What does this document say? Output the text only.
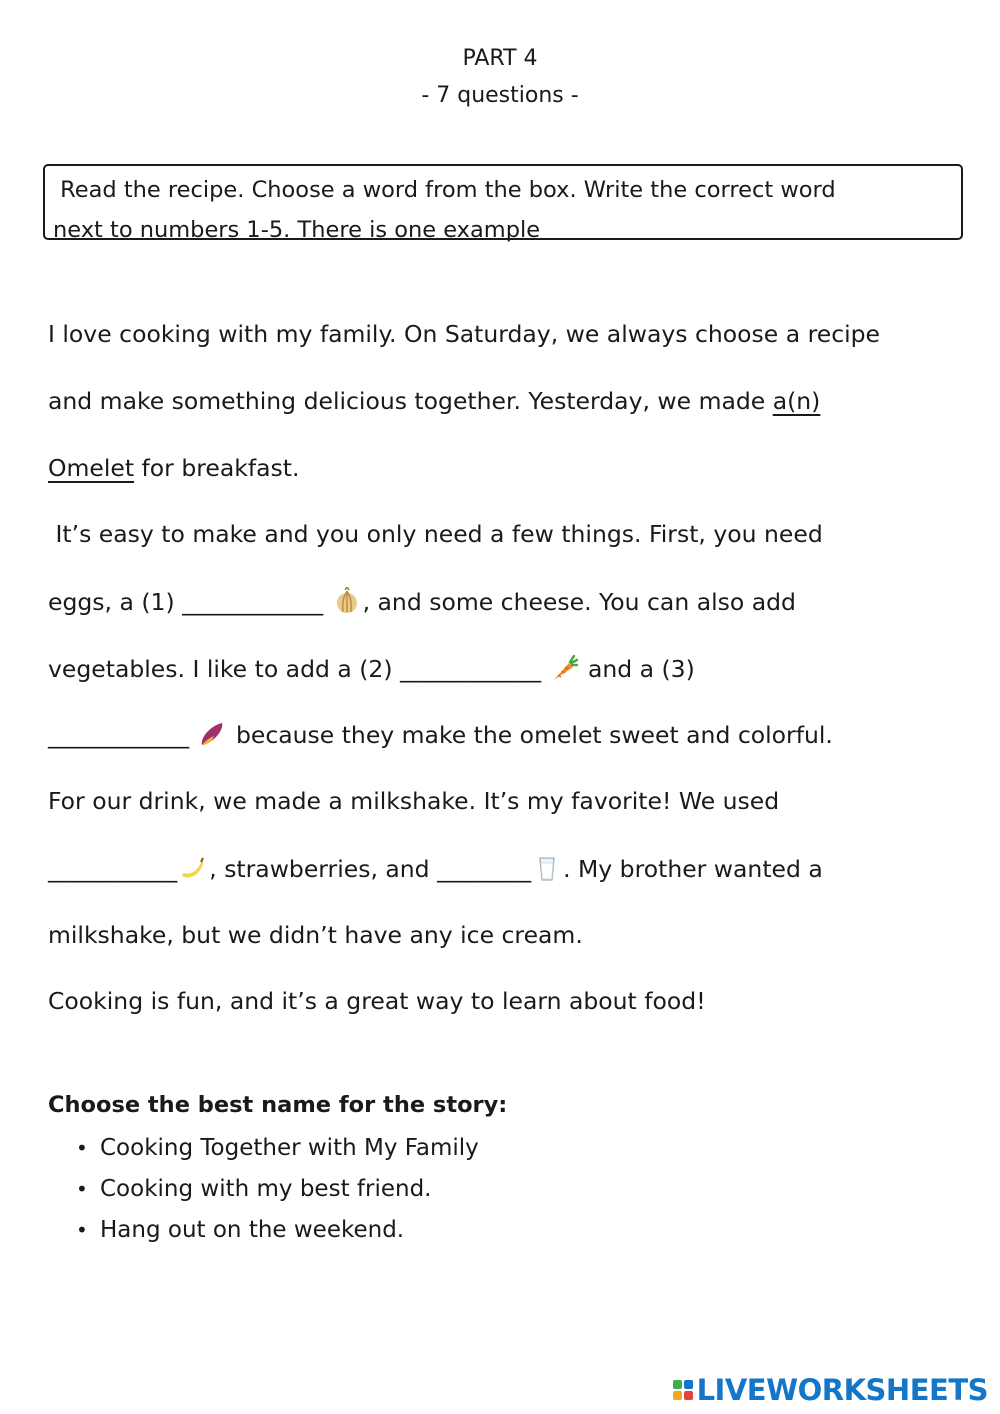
PART 4
- 7 questions -
Read the recipe. Choose a word from the box. Write the correct word
next to numbers 1-5. There is one example
I love cooking with my family. On Saturday, we always choose a recipe
and make something delicious together. Yesterday, we made a(n)
Omelet for breakfast.
It’s easy to make and you only need a few things. First, you need
eggs, a (1) ____________ , and some cheese. You can also add
vegetables. I like to add a (2) ____________  and a (3)
____________  because they make the omelet sweet and colorful.
For our drink, we made a milkshake. It’s my favorite! We used
___________ , strawberries, and ________ . My brother wanted a
milkshake, but we didn’t have any ice cream.
Cooking is fun, and it’s a great way to learn about food!
Choose the best name for the story:
• Cooking Together with My Family
• Cooking with my best friend.
• Hang out on the weekend.
LIVEWORKSHEETS
